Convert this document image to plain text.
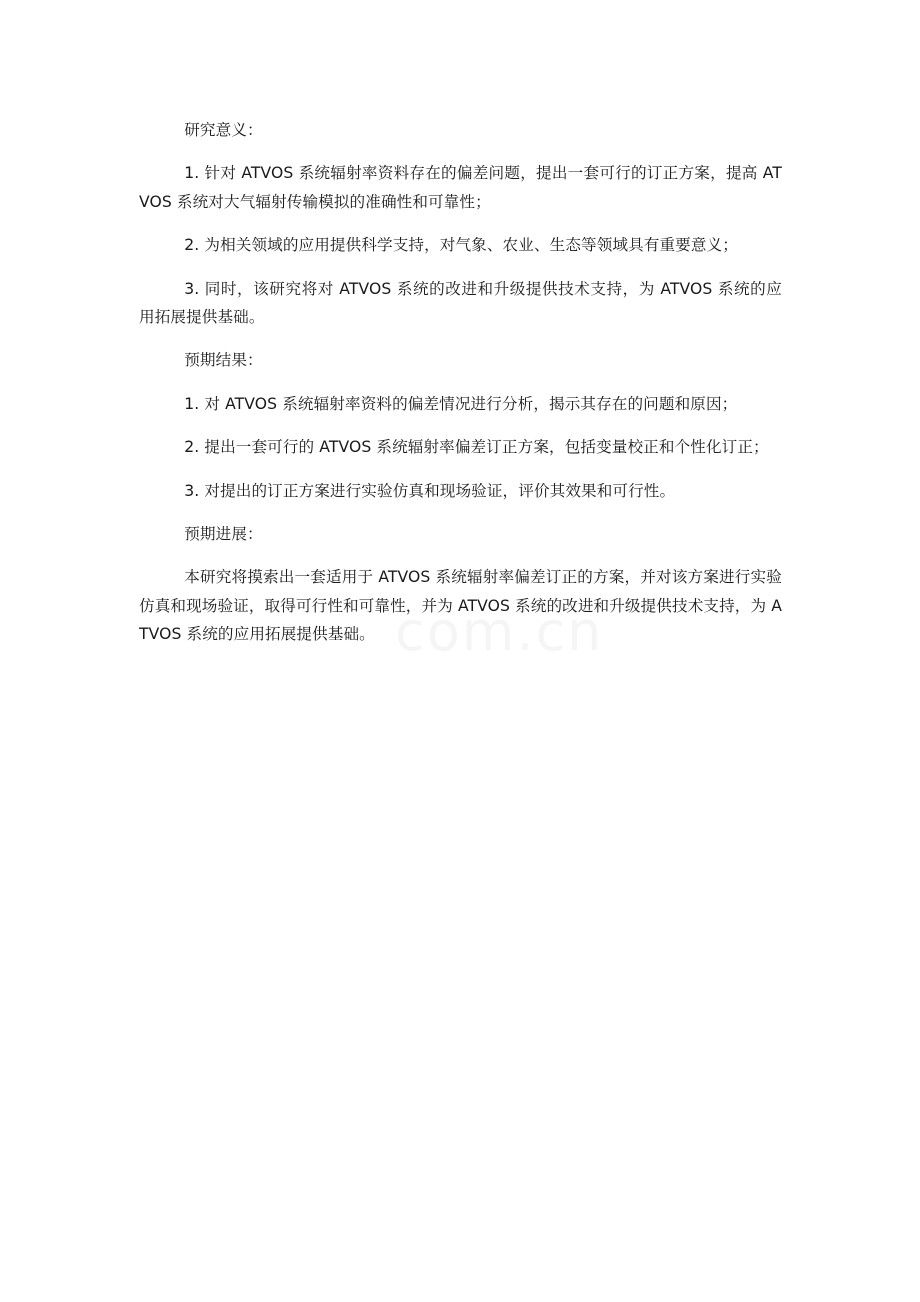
研究意义：

1. 针对 ATVOS 系统辐射率资料存在的偏差问题，提出一套可行的订正方案，提高 ATVOS 系统对大气辐射传输模拟的准确性和可靠性；

2. 为相关领域的应用提供科学支持，对气象、农业、生态等领域具有重要意义；

3. 同时，该研究将对 ATVOS 系统的改进和升级提供技术支持，为 ATVOS 系统的应用拓展提供基础。

预期结果：

1. 对 ATVOS 系统辐射率资料的偏差情况进行分析，揭示其存在的问题和原因；

2. 提出一套可行的 ATVOS 系统辐射率偏差订正方案，包括变量校正和个性化订正；

3. 对提出的订正方案进行实验仿真和现场验证，评价其效果和可行性。

预期进展：

本研究将摸索出一套适用于 ATVOS 系统辐射率偏差订正的方案，并对该方案进行实验仿真和现场验证，取得可行性和可靠性，并为 ATVOS 系统的改进和升级提供技术支持，为 ATVOS 系统的应用拓展提供基础。
